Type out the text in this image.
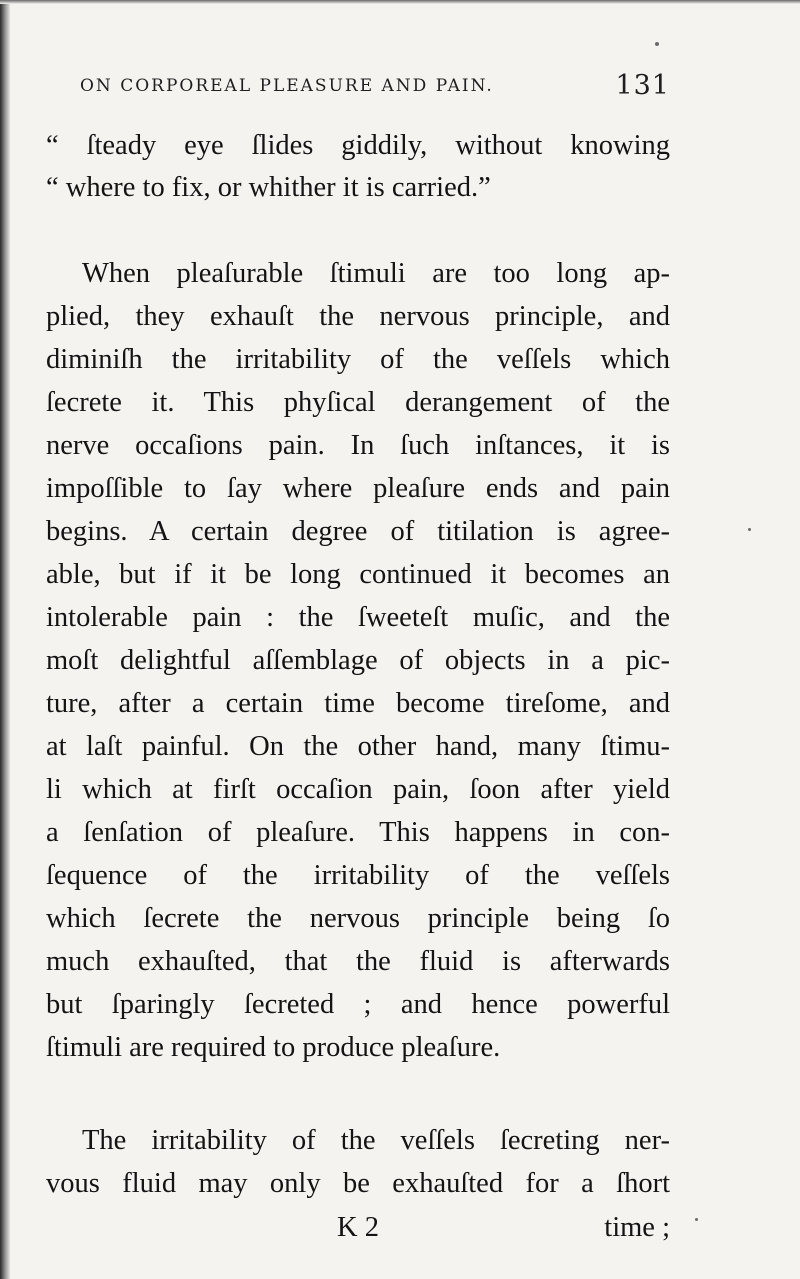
ON CORPOREAL PLEASURE AND PAIN.	131
“ ſteady eye ſlides giddily, without knowing
“ where to fix, or whither it is carried.”
When pleaſurable ſtimuli are too long ap-
plied, they exhauſt the nervous principle, and
diminiſh the irritability of the veſſels which
ſecrete it. This phyſical derangement of the
nerve occaſions pain. In ſuch inſtances, it is
impoſſible to ſay where pleaſure ends and pain
begins. A certain degree of titilation is agree-
able, but if it be long continued it becomes an
intolerable pain : the ſweeteſt muſic, and the
moſt delightful aſſemblage of objects in a pic-
ture, after a certain time become tireſome, and
at laſt painful. On the other hand, many ſtimu-
li which at firſt occaſion pain, ſoon after yield
a ſenſation of pleaſure. This happens in con-
ſequence of the irritability of the veſſels
which ſecrete the nervous principle being ſo
much exhauſted, that the fluid is afterwards
but ſparingly ſecreted ; and hence powerful
ſtimuli are required to produce pleaſure.
The irritability of the veſſels ſecreting ner-
vous fluid may only be exhauſted for a ſhort
K 2	time ;
